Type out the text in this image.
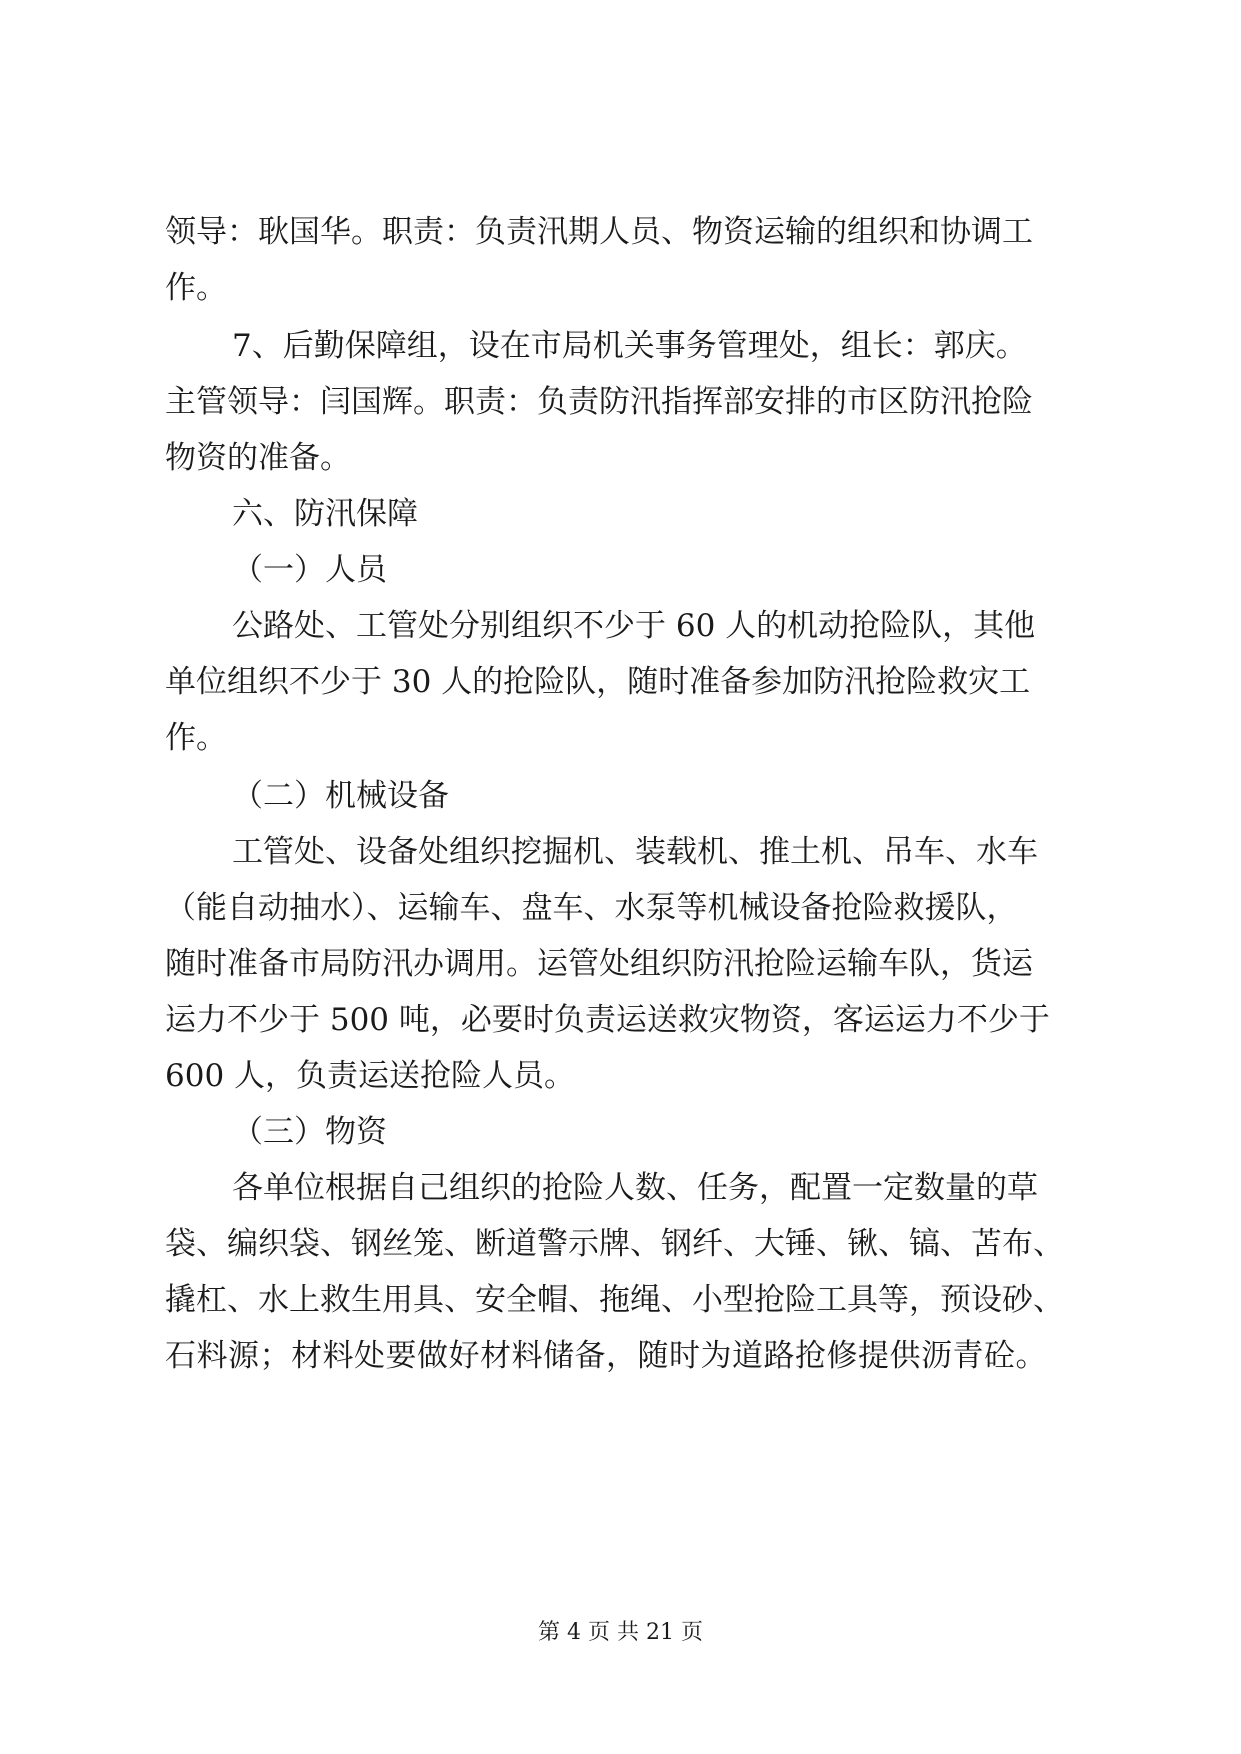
领导：耿国华。职责：负责汛期人员、物资运输的组织和协调工
作。
7、后勤保障组，设在市局机关事务管理处，组长：郭庆。
主管领导：闫国辉。职责：负责防汛指挥部安排的市区防汛抢险
物资的准备。
六、防汛保障
（一）人员
公路处、工管处分别组织不少于 60 人的机动抢险队，其他
单位组织不少于 30 人的抢险队，随时准备参加防汛抢险救灾工
作。
（二）机械设备
工管处、设备处组织挖掘机、装载机、推土机、吊车、水车
（能自动抽水）、运输车、盘车、水泵等机械设备抢险救援队，
随时准备市局防汛办调用。运管处组织防汛抢险运输车队，货运
运力不少于 500 吨，必要时负责运送救灾物资，客运运力不少于
600 人，负责运送抢险人员。
（三）物资
各单位根据自己组织的抢险人数、任务，配置一定数量的草
袋、编织袋、钢丝笼、断道警示牌、钢纤、大锤、锹、镐、苫布、
撬杠、水上救生用具、安全帽、拖绳、小型抢险工具等，预设砂、
石料源；材料处要做好材料储备，随时为道路抢修提供沥青砼。
第 4 页 共 21 页
